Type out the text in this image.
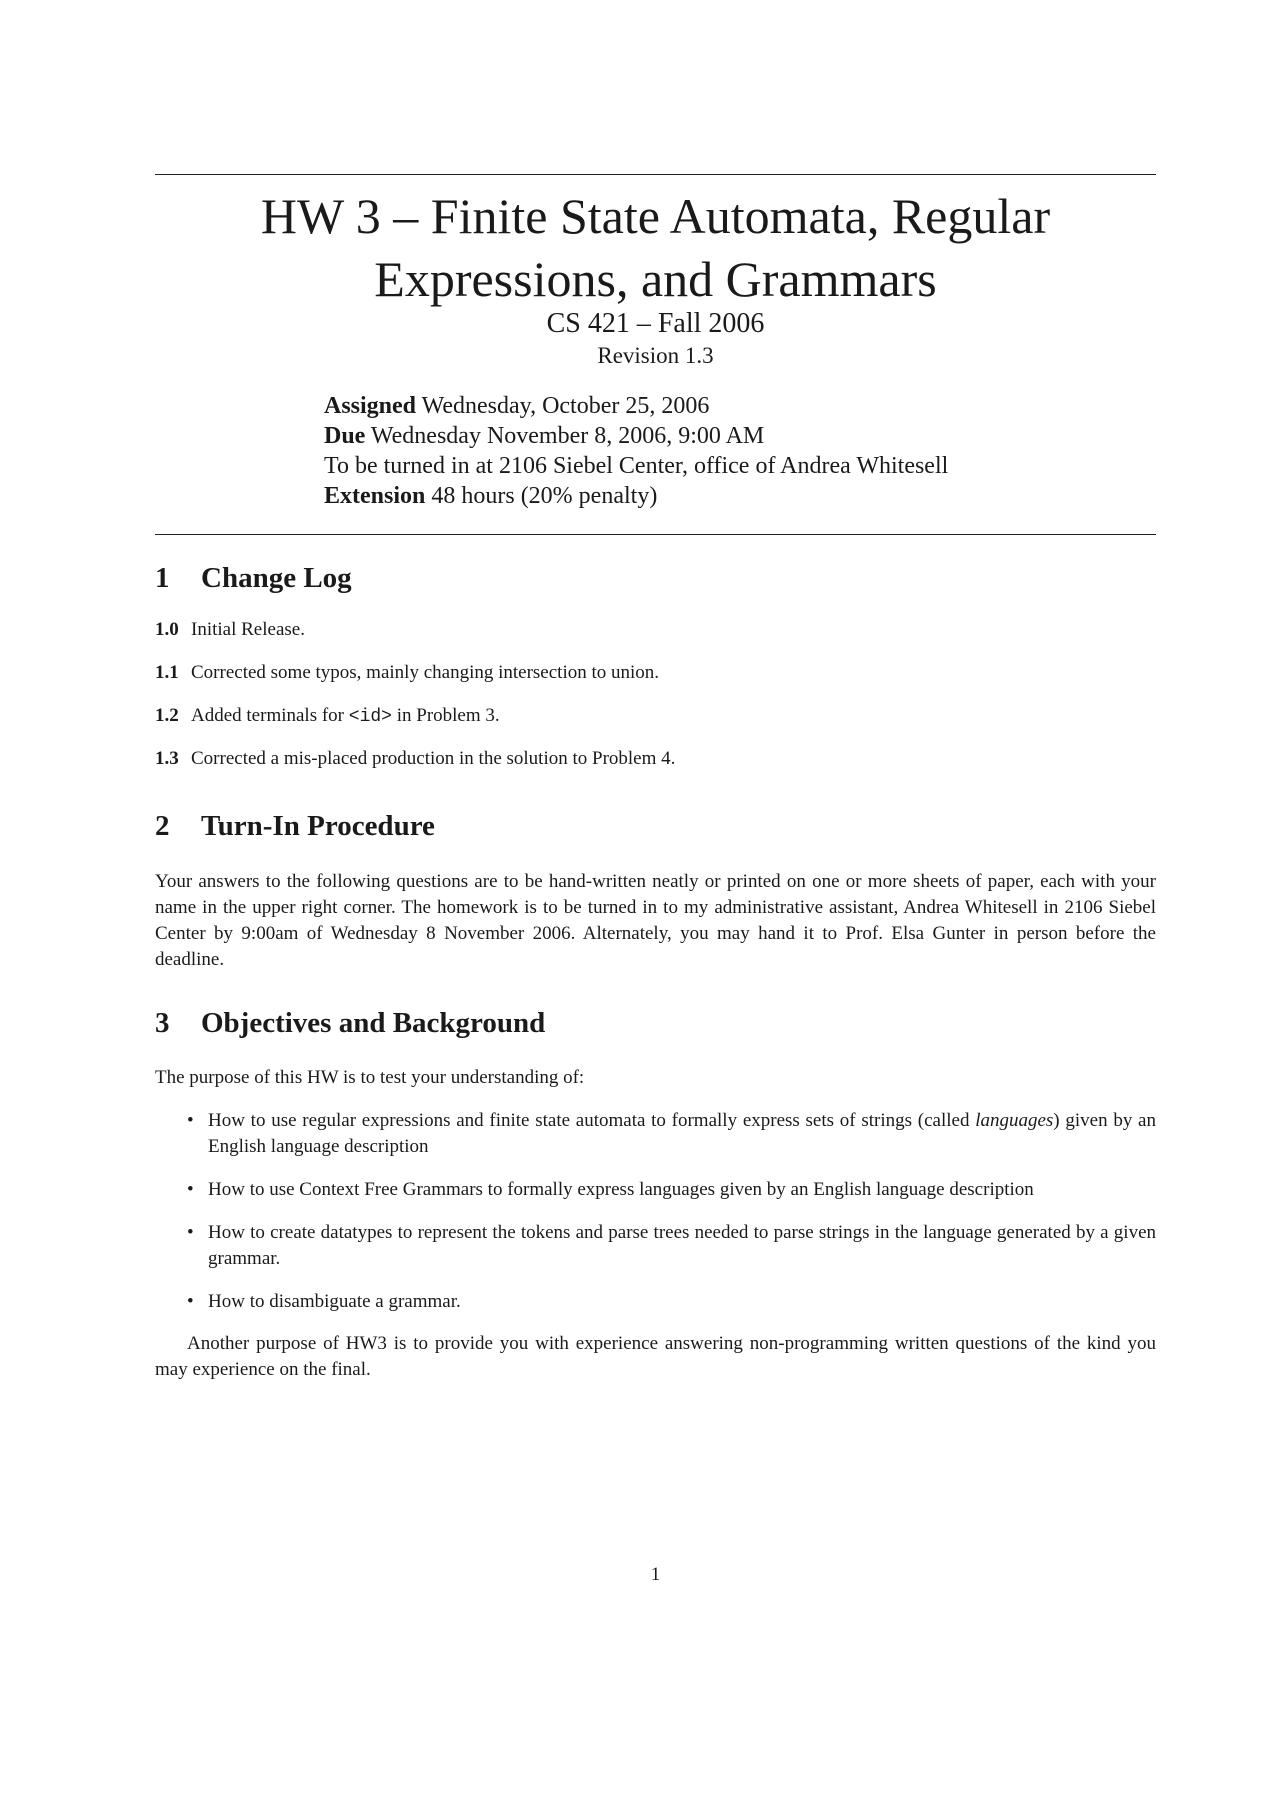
HW 3 – Finite State Automata, Regular
Expressions, and Grammars
CS 421 – Fall 2006
Revision 1.3
Assigned Wednesday, October 25, 2006
Due Wednesday November 8, 2006, 9:00 AM
To be turned in at 2106 Siebel Center, office of Andrea Whitesell
Extension 48 hours (20% penalty)
1 Change Log
1.0 Initial Release.
1.1 Corrected some typos, mainly changing intersection to union.
1.2 Added terminals for <id> in Problem 3.
1.3 Corrected a mis-placed production in the solution to Problem 4.
2 Turn-In Procedure
Your answers to the following questions are to be hand-written neatly or printed on one or more sheets of paper, each with your name in the upper right corner. The homework is to be turned in to my administrative assistant, Andrea Whitesell in 2106 Siebel Center by 9:00am of Wednesday 8 November 2006. Alternately, you may hand it to Prof. Elsa Gunter in person before the deadline.
3 Objectives and Background
The purpose of this HW is to test your understanding of:
• How to use regular expressions and finite state automata to formally express sets of strings (called languages) given by an English language description
• How to use Context Free Grammars to formally express languages given by an English language description
• How to create datatypes to represent the tokens and parse trees needed to parse strings in the language generated by a given grammar.
• How to disambiguate a grammar.
Another purpose of HW3 is to provide you with experience answering non-programming written questions of the kind you may experience on the final.
1
